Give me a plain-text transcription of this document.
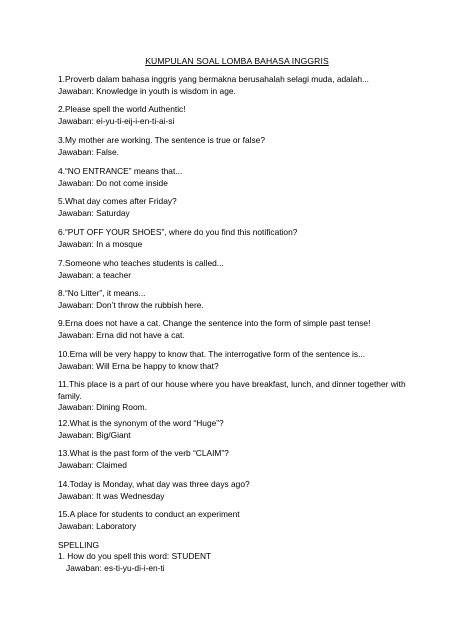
KUMPULAN SOAL LOMBA BAHASA INGGRIS
1.Proverb dalam bahasa inggris yang bermakna berusahalah selagi muda, adalah...
Jawaban: Knowledge in youth is wisdom in age.
2.Please spell the world Authentic!
Jawaban: ei-yu-ti-eij-i-en-ti-ai-si
3.My mother are working. The sentence is true or false?
Jawaban: False.
4.“NO ENTRANCE” means that...
Jawaban: Do not come inside
5.What day comes after Friday?
Jawaban: Saturday
6.“PUT OFF YOUR SHOES”, where do you find this notification?
Jawaban: In a mosque
7.Someone who teaches students is called...
Jawaban: a teacher
8.“No Litter”, it means...
Jawaban: Don’t throw the rubbish here.
9.Erna does not have a cat. Change the sentence into the form of simple past tense!
Jawaban: Erna did not have a cat.
10.Erna will be very happy to know that. The interrogative form of the sentence is...
Jawaban: Will Erna be happy to know that?
11.This place is a part of our house where you have breakfast, lunch, and dinner together with family.
Jawaban: Dining Room.
12.What is the synonym of the word “Huge”?
Jawaban: Big/Giant
13.What is the past form of the verb “CLAIM”?
Jawaban: Claimed
14.Today is Monday, what day was three days ago?
Jawaban: It was Wednesday
15.A place for students to conduct an experiment
Jawaban: Laboratory
SPELLING
1. How do you spell this word: STUDENT
Jawaban: es-ti-yu-di-i-en-ti
